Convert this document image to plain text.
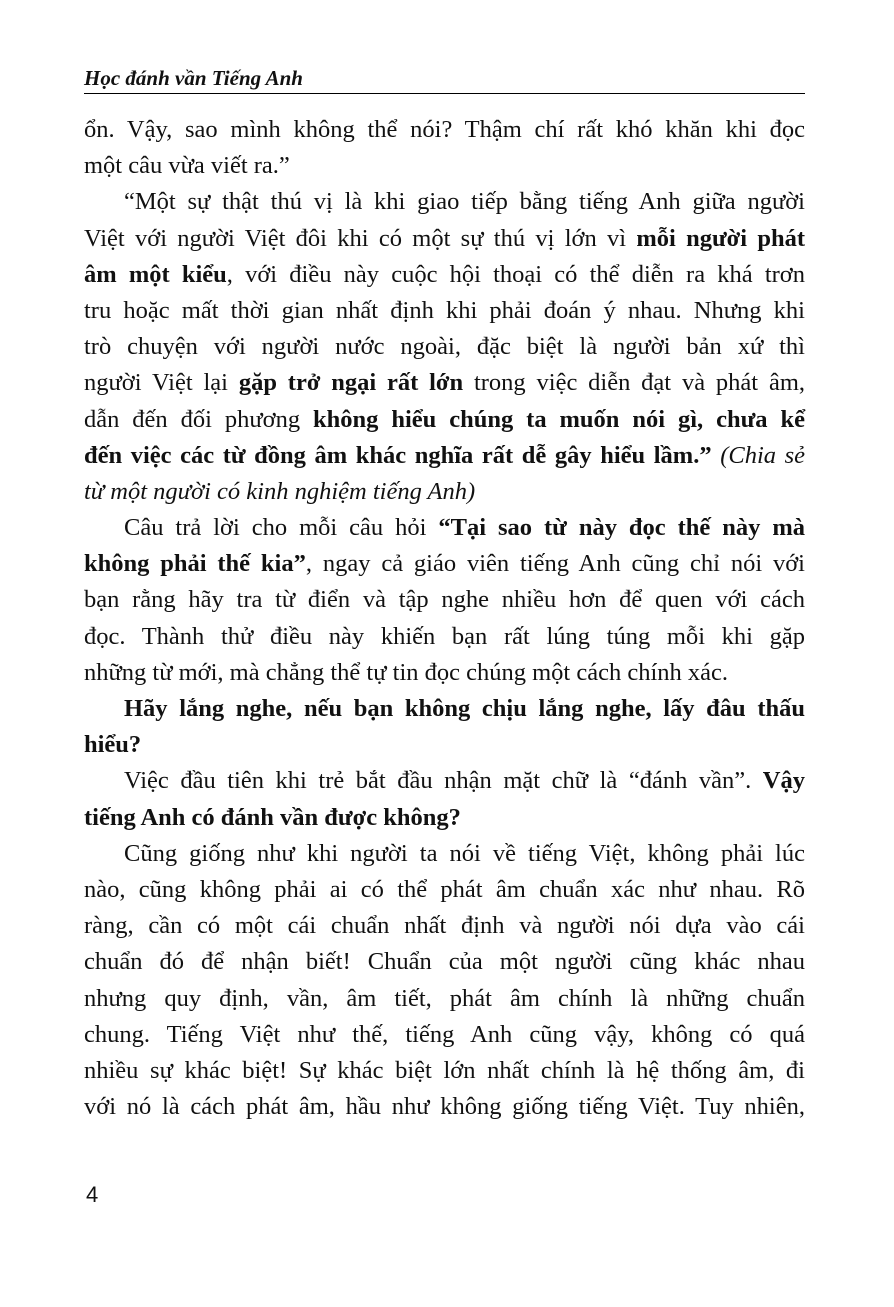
Học đánh vần Tiếng Anh
ổn. Vậy, sao mình không thể nói? Thậm chí rất khó khăn khi đọc
một câu vừa viết ra.”
“Một sự thật thú vị là khi giao tiếp bằng tiếng Anh giữa người
Việt với người Việt đôi khi có một sự thú vị lớn vì mỗi người phát
âm một kiểu, với điều này cuộc hội thoại có thể diễn ra khá trơn
tru hoặc mất thời gian nhất định khi phải đoán ý nhau. Nhưng khi
trò chuyện với người nước ngoài, đặc biệt là người bản xứ thì
người Việt lại gặp trở ngại rất lớn trong việc diễn đạt và phát âm,
dẫn đến đối phương không hiểu chúng ta muốn nói gì, chưa kể
đến việc các từ đồng âm khác nghĩa rất dễ gây hiểu lầm.” (Chia sẻ
từ một người có kinh nghiệm tiếng Anh)
Câu trả lời cho mỗi câu hỏi “Tại sao từ này đọc thế này mà
không phải thế kia”, ngay cả giáo viên tiếng Anh cũng chỉ nói với
bạn rằng hãy tra từ điển và tập nghe nhiều hơn để quen với cách
đọc. Thành thử điều này khiến bạn rất lúng túng mỗi khi gặp
những từ mới, mà chẳng thể tự tin đọc chúng một cách chính xác.
Hãy lắng nghe, nếu bạn không chịu lắng nghe, lấy đâu thấu
hiểu?
Việc đầu tiên khi trẻ bắt đầu nhận mặt chữ là “đánh vần”. Vậy
tiếng Anh có đánh vần được không?
Cũng giống như khi người ta nói về tiếng Việt, không phải lúc
nào, cũng không phải ai có thể phát âm chuẩn xác như nhau. Rõ
ràng, cần có một cái chuẩn nhất định và người nói dựa vào cái
chuẩn đó để nhận biết! Chuẩn của một người cũng khác nhau
nhưng quy định, vần, âm tiết, phát âm chính là những chuẩn
chung. Tiếng Việt như thế, tiếng Anh cũng vậy, không có quá
nhiều sự khác biệt! Sự khác biệt lớn nhất chính là hệ thống âm, đi
với nó là cách phát âm, hầu như không giống tiếng Việt. Tuy nhiên,
4
